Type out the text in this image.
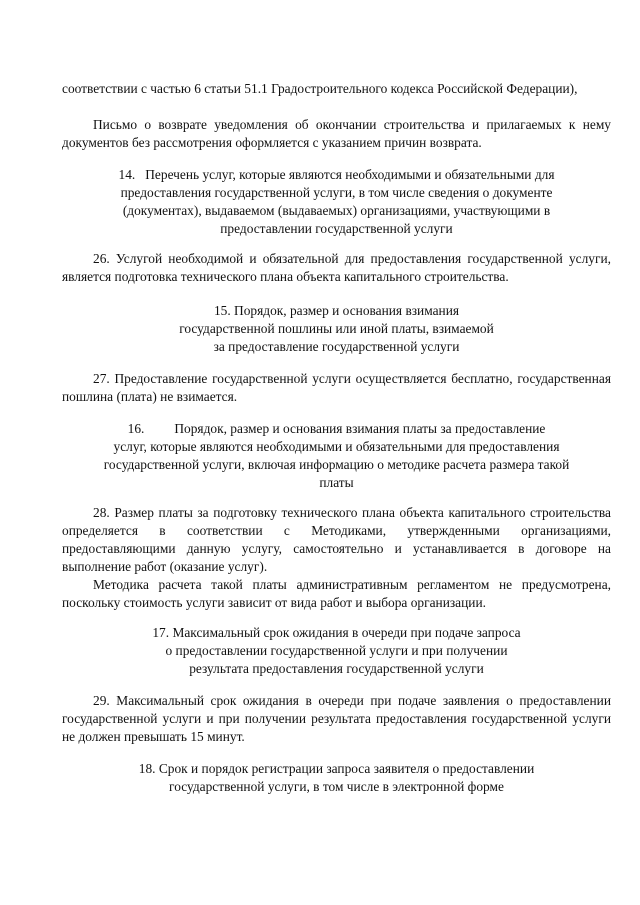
соответствии с частью 6 статьи 51.1 Градостроительного кодекса Российской Федерации),

Письмо о возврате уведомления об окончании строительства и прилагаемых к нему документов без рассмотрения оформляется с указанием причин возврата.

14. Перечень услуг, которые являются необходимыми и обязательными для
предоставления государственной услуги, в том числе сведения о документе
(документах), выдаваемом (выдаваемых) организациями, участвующими в
предоставлении государственной услуги

26. Услугой необходимой и обязательной для предоставления государственной услуги, является подготовка технического плана объекта капитального строительства.

15. Порядок, размер и основания взимания
государственной пошлины или иной платы, взимаемой
за предоставление государственной услуги

27. Предоставление государственной услуги осуществляется бесплатно, государственная пошлина (плата) не взимается.

16. Порядок, размер и основания взимания платы за предоставление
услуг, которые являются необходимыми и обязательными для предоставления
государственной услуги, включая информацию о методике расчета размера такой
платы

28. Размер платы за подготовку технического плана объекта капитального строительства определяется в соответствии с Методиками, утвержденными организациями, предоставляющими данную услугу, самостоятельно и устанавливается в договоре на выполнение работ (оказание услуг).

Методика расчета такой платы административным регламентом не предусмотрена, поскольку стоимость услуги зависит от вида работ и выбора организации.

17. Максимальный срок ожидания в очереди при подаче запроса
о предоставлении государственной услуги и при получении
результата предоставления государственной услуги

29. Максимальный срок ожидания в очереди при подаче заявления о предоставлении государственной услуги и при получении результата предоставления государственной услуги не должен превышать 15 минут.

18. Срок и порядок регистрации запроса заявителя о предоставлении
государственной услуги, в том числе в электронной форме
